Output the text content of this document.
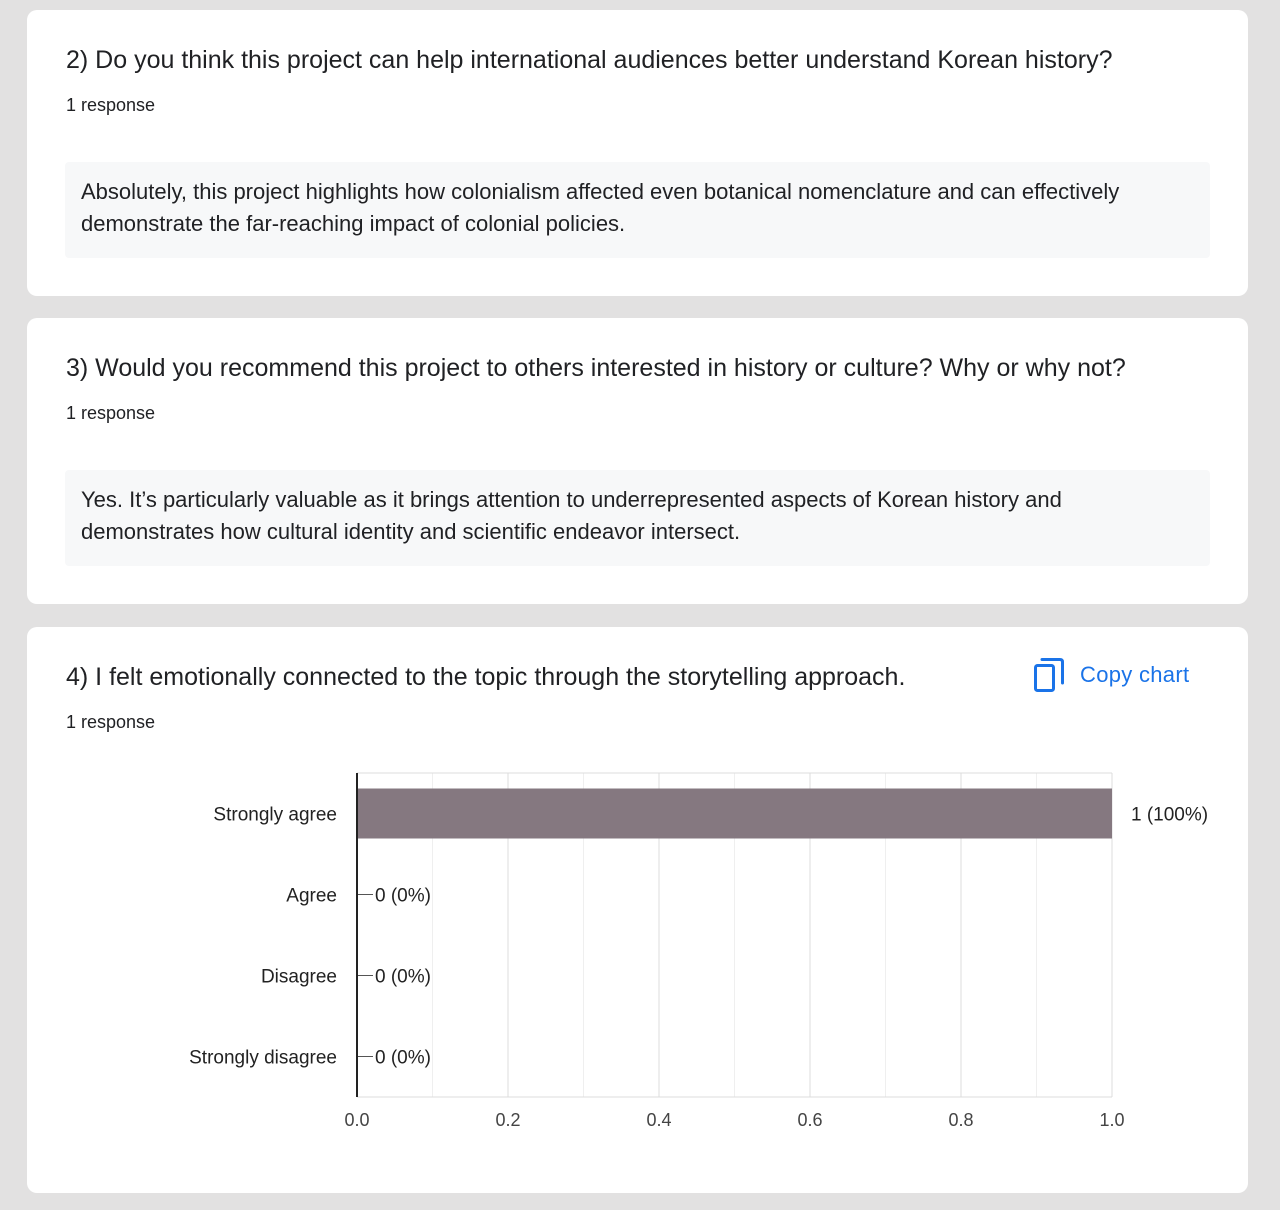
2) Do you think this project can help international audiences better understand Korean history?
1 response
Absolutely, this project highlights how colonialism affected even botanical nomenclature and can effectively demonstrate the far-reaching impact of colonial policies.
3) Would you recommend this project to others interested in history or culture? Why or why not?
1 response
Yes. It’s particularly valuable as it brings attention to underrepresented aspects of Korean history and demonstrates how cultural identity and scientific endeavor intersect.
Strongly agree	1 (100%)
Agree 0 (0%)
Disagree 0 (0%)
Strongly disagree 0 (0%)
0.0	0.2	0.4	0.6	0.8	1.0
4) I felt emotionally connected to the topic through the storytelling approach.	Copy chart
1 response
